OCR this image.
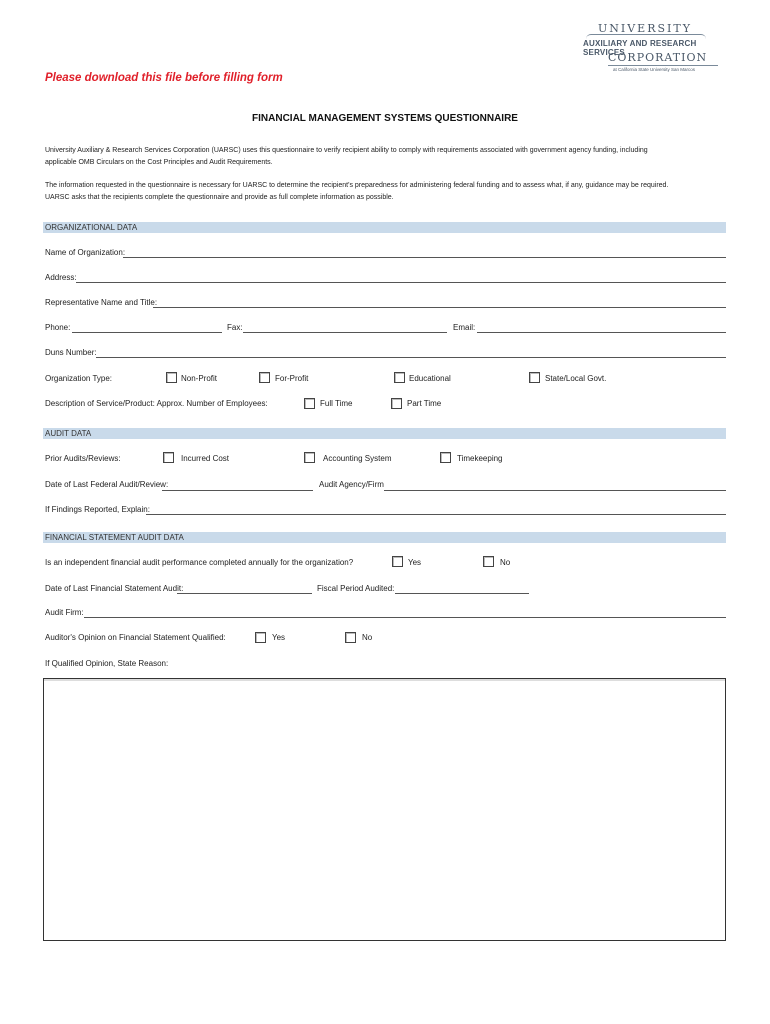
UNIVERSITY
AUXILIARY AND RESEARCH SERVICES
CORPORATION
at California State University San Marcos
Please download this file before filling form
FINANCIAL MANAGEMENT SYSTEMS QUESTIONNAIRE
University Auxiliary & Research Services Corporation (UARSC) uses this questionnaire to verify recipient ability to comply with requirements associated with government agency funding, including
applicable OMB Circulars on the Cost Principles and Audit Requirements.
The information requested in the questionnaire is necessary for UARSC to determine the recipient's preparedness for administering federal funding and to assess what, if any, guidance may be required.
UARSC asks that the recipients complete the questionnaire and provide as full complete information as possible.
ORGANIZATIONAL DATA
Name of Organization:
Address:
Representative Name and Title:
Phone:	Fax:	Email:
Duns Number:
Organization Type:	Non-Profit	For-Profit	Educational	State/Local Govt.
Description of Service/Product: Approx. Number of Employees:	Full Time	Part Time
AUDIT DATA
Prior Audits/Reviews:	Incurred Cost	Accounting System	Timekeeping
Date of Last Federal Audit/Review:	Audit Agency/Firm
If Findings Reported, Explain:
FINANCIAL STATEMENT AUDIT DATA
Is an independent financial audit performance completed annually for the organization?	Yes	No
Date of Last Financial Statement Audit:	Fiscal Period Audited:
Audit Firm:
Auditor's Opinion on Financial Statement Qualified:	Yes	No
If Qualified Opinion, State Reason:
